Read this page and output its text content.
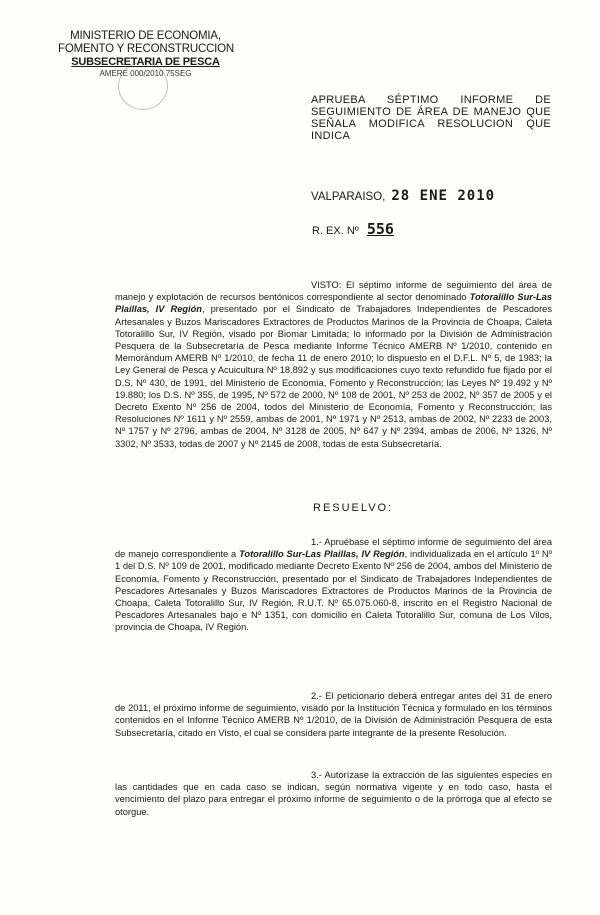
MINISTERIO DE ECONOMIA,
FOMENTO Y RECONSTRUCCION
SUBSECRETARIA DE PESCA
AMERE 000/2010 75SEG
APRUEBA SÉPTIMO INFORME DE SEGUIMIENTO DE ÁREA DE MANEJO QUE SEÑALA MODIFICA RESOLUCION QUE INDICA
VALPARAISO, 28 ENE 2010
R. EX. Nº 556
VISTO: El séptimo informe de seguimiento del área de manejo y explotación de recursos bentónicos correspondiente al sector denominado Totoralillo Sur-Las Plaillas, IV Región, presentado por el Sindicato de Trabajadores Independientes de Pescadores Artesanales y Buzos Mariscadores Extractores de Productos Marinos de la Provincia de Choapa, Caleta Totoralillo Sur, IV Región, visado por Biomar Limitada; lo informado por la División de Administración Pesquera de la Subsecretaría de Pesca mediante Informe Técnico AMERB Nº 1/2010, contenido en Memorándum AMERB Nº 1/2010, de fecha 11 de enero 2010; lo dispuesto en el D.F.L. Nº 5, de 1983; la Ley General de Pesca y Acuicultura Nº 18.892 y sus modificaciones cuyo texto refundido fue fijado por el D.S. Nº 430, de 1991, del Ministerio de Economía, Fomento y Reconstrucción; las Leyes Nº 19.492 y Nº 19.880; los D.S. Nº 355, de 1995, Nº 572 de 2000, Nº 108 de 2001, Nº 253 de 2002, Nº 357 de 2005 y el Decreto Exento Nº 256 de 2004, todos del Ministerio de Economía, Fomento y Reconstrucción; las Resoluciones Nº 1611 y Nº 2559, ambas de 2001, Nº 1971 y Nº 2513, ambas de 2002, Nº 2233 de 2003, Nº 1757 y Nº 2796, ambas de 2004, Nº 3128 de 2005, Nº 647 y Nº 2394, ambas de 2006, Nº 1326, Nº 3302, Nº 3533, todas de 2007 y Nº 2145 de 2008, todas de esta Subsecretaría.
RESUELVO:
1.- Apruébase el séptimo informe de seguimiento del área de manejo correspondiente a Totoralillo Sur-Las Plaillas, IV Región, individualizada en el artículo 1º Nº 1 del D.S. Nº 109 de 2001, modificado mediante Decreto Exento Nº 256 de 2004, ambos del Ministerio de Economía, Fomento y Reconstrucción, presentado por el Sindicato de Trabajadores Independientes de Pescadores Artesanales y Buzos Mariscadores Extractores de Productos Marinos de la Provincia de Choapa, Caleta Totoralillo Sur, IV Región, R.U.T. Nº 65.075.060-8, inscrito en el Registro Nacional de Pescadores Artesanales bajo e Nº 1351, con domicilio en Caleta Totoralillo Sur, comuna de Los Vilos, provincia de Choapa, IV Región.
2.- El peticionario deberá entregar antes del 31 de enero de 2011, el próximo informe de seguimiento, visado por la Institución Técnica y formulado en los términos contenidos en el Informe Técnico AMERB Nº 1/2010, de la División de Administración Pesquera de esta Subsecretaría, citado en Visto, el cual se considera parte integrante de la presente Resolución.
3.- Autorízase la extracción de las siguientes especies en las cantidades que en cada caso se indican, según normativa vigente y en todo caso, hasta el vencimiento del plazo para entregar el próximo informe de seguimiento o de la prórroga que al efecto se otorgue.
